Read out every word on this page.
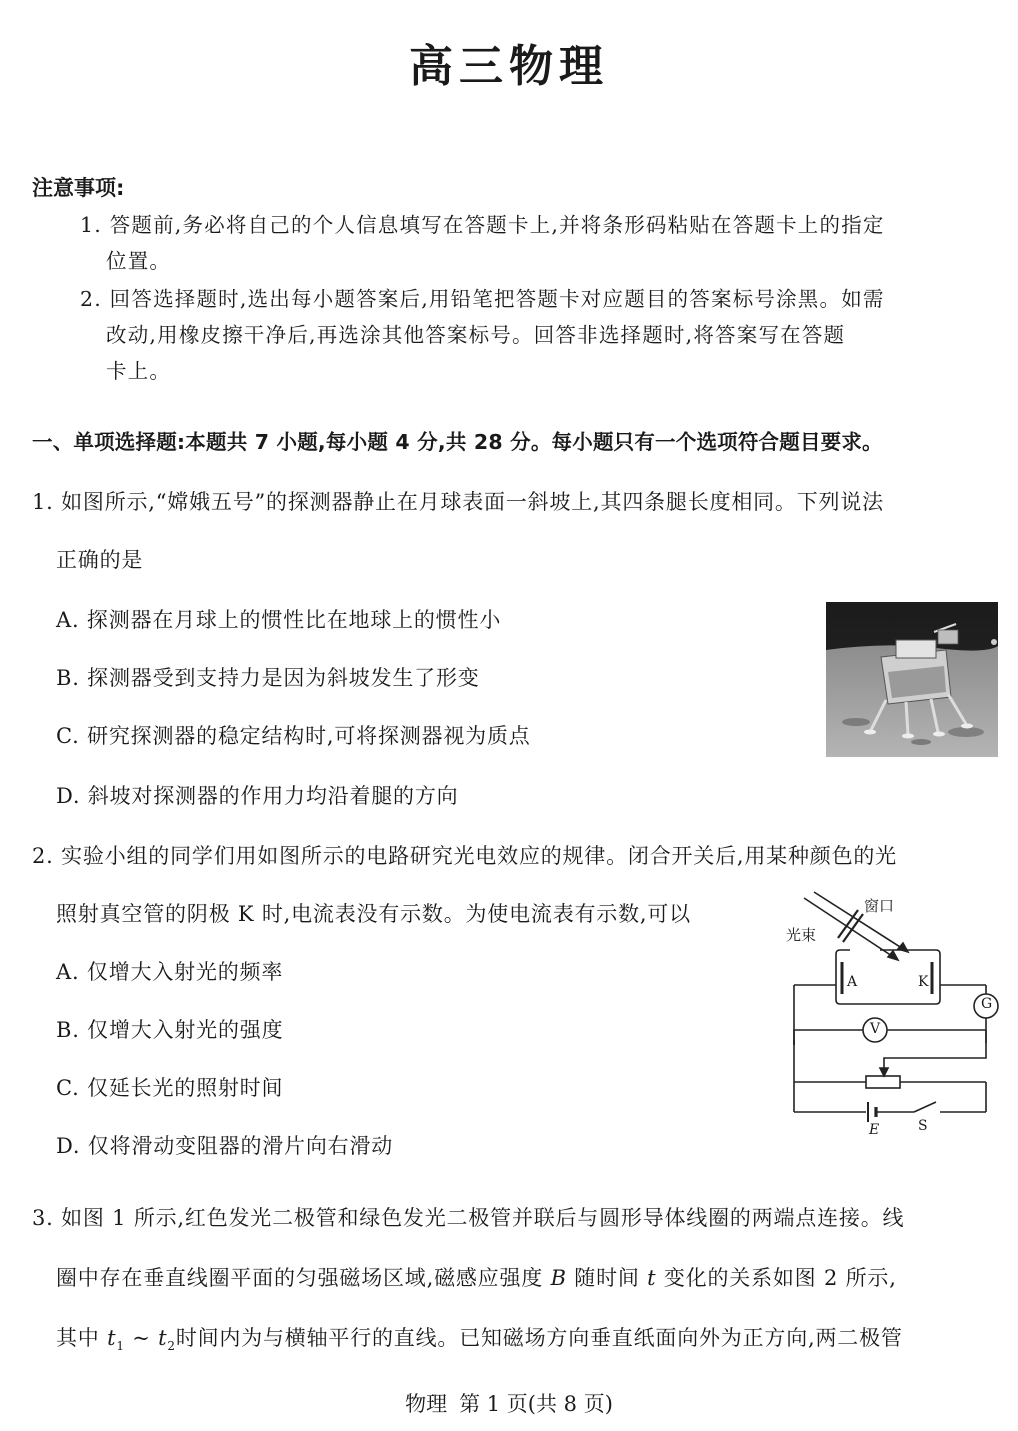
高三物理
注意事项:
1. 答题前,务必将自己的个人信息填写在答题卡上,并将条形码粘贴在答题卡上的指定
位置。
2. 回答选择题时,选出每小题答案后,用铅笔把答题卡对应题目的答案标号涂黑。如需
改动,用橡皮擦干净后,再选涂其他答案标号。回答非选择题时,将答案写在答题
卡上。
一、单项选择题:本题共 7 小题,每小题 4 分,共 28 分。每小题只有一个选项符合题目要求。
1. 如图所示,“嫦娥五号”的探测器静止在月球表面一斜坡上,其四条腿长度相同。下列说法
正确的是
A. 探测器在月球上的惯性比在地球上的惯性小
B. 探测器受到支持力是因为斜坡发生了形变
C. 研究探测器的稳定结构时,可将探测器视为质点
D. 斜坡对探测器的作用力均沿着腿的方向
2. 实验小组的同学们用如图所示的电路研究光电效应的规律。闭合开关后,用某种颜色的光
照射真空管的阴极 K 时,电流表没有示数。为使电流表有示数,可以
A. 仅增大入射光的频率
B. 仅增大入射光的强度
C. 仅延长光的照射时间
D. 仅将滑动变阻器的滑片向右滑动
窗口
光束
A	K
G
V
E	S
3. 如图 1 所示,红色发光二极管和绿色发光二极管并联后与圆形导体线圈的两端点连接。线
圈中存在垂直线圈平面的匀强磁场区域,磁感应强度 B 随时间 t 变化的关系如图 2 所示,
其中 $t_1$ ~ $t_2$时间内为与横轴平行的直线。已知磁场方向垂直纸面向外为正方向,两二极管
物理 第 1 页(共 8 页)
